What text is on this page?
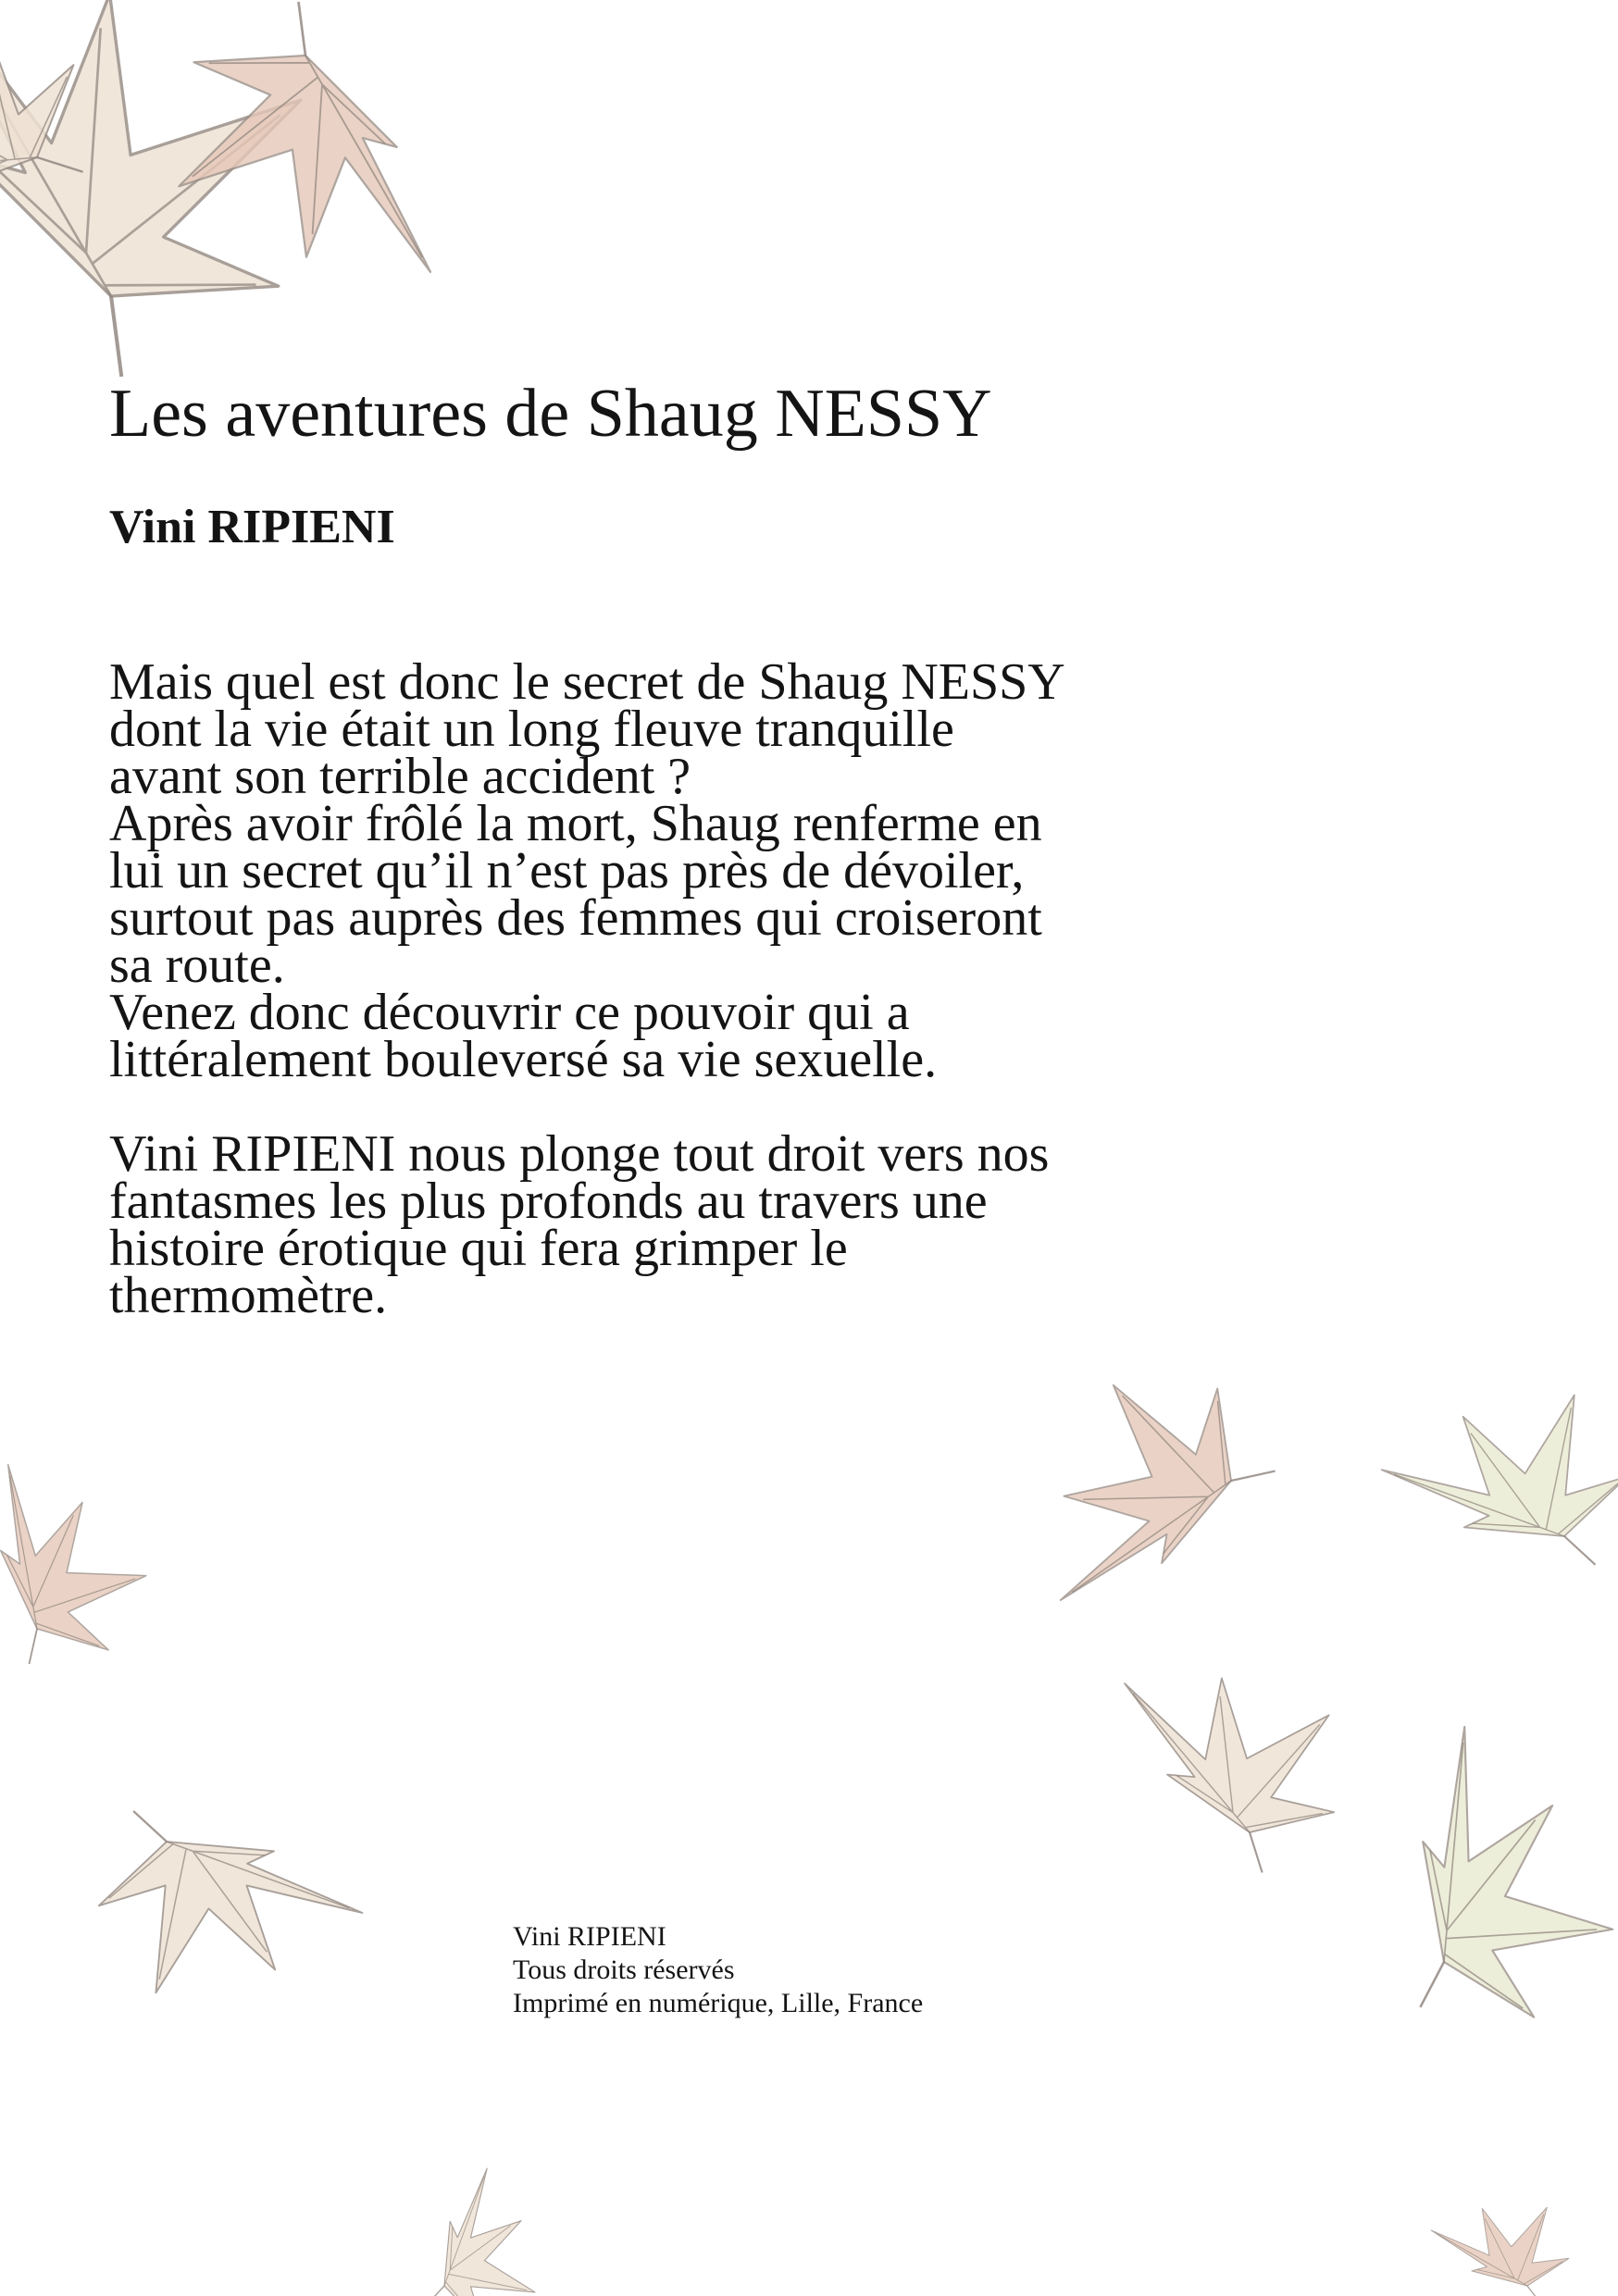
Les aventures de Shaug NESSY
Vini RIPIENI

Mais quel est donc le secret de Shaug NESSY
dont la vie était un long fleuve tranquille
avant son terrible accident ?
Après avoir frôlé la mort, Shaug renferme en
lui un secret qu’il n’est pas près de dévoiler,
surtout pas auprès des femmes qui croiseront
sa route.
Venez donc découvrir ce pouvoir qui a
littéralement bouleversé sa vie sexuelle.

Vini RIPIENI nous plonge tout droit vers nos
fantasmes les plus profonds au travers une
histoire érotique qui fera grimper le
thermomètre.

Vini RIPIENI
Tous droits réservés
Imprimé en numérique, Lille, France
